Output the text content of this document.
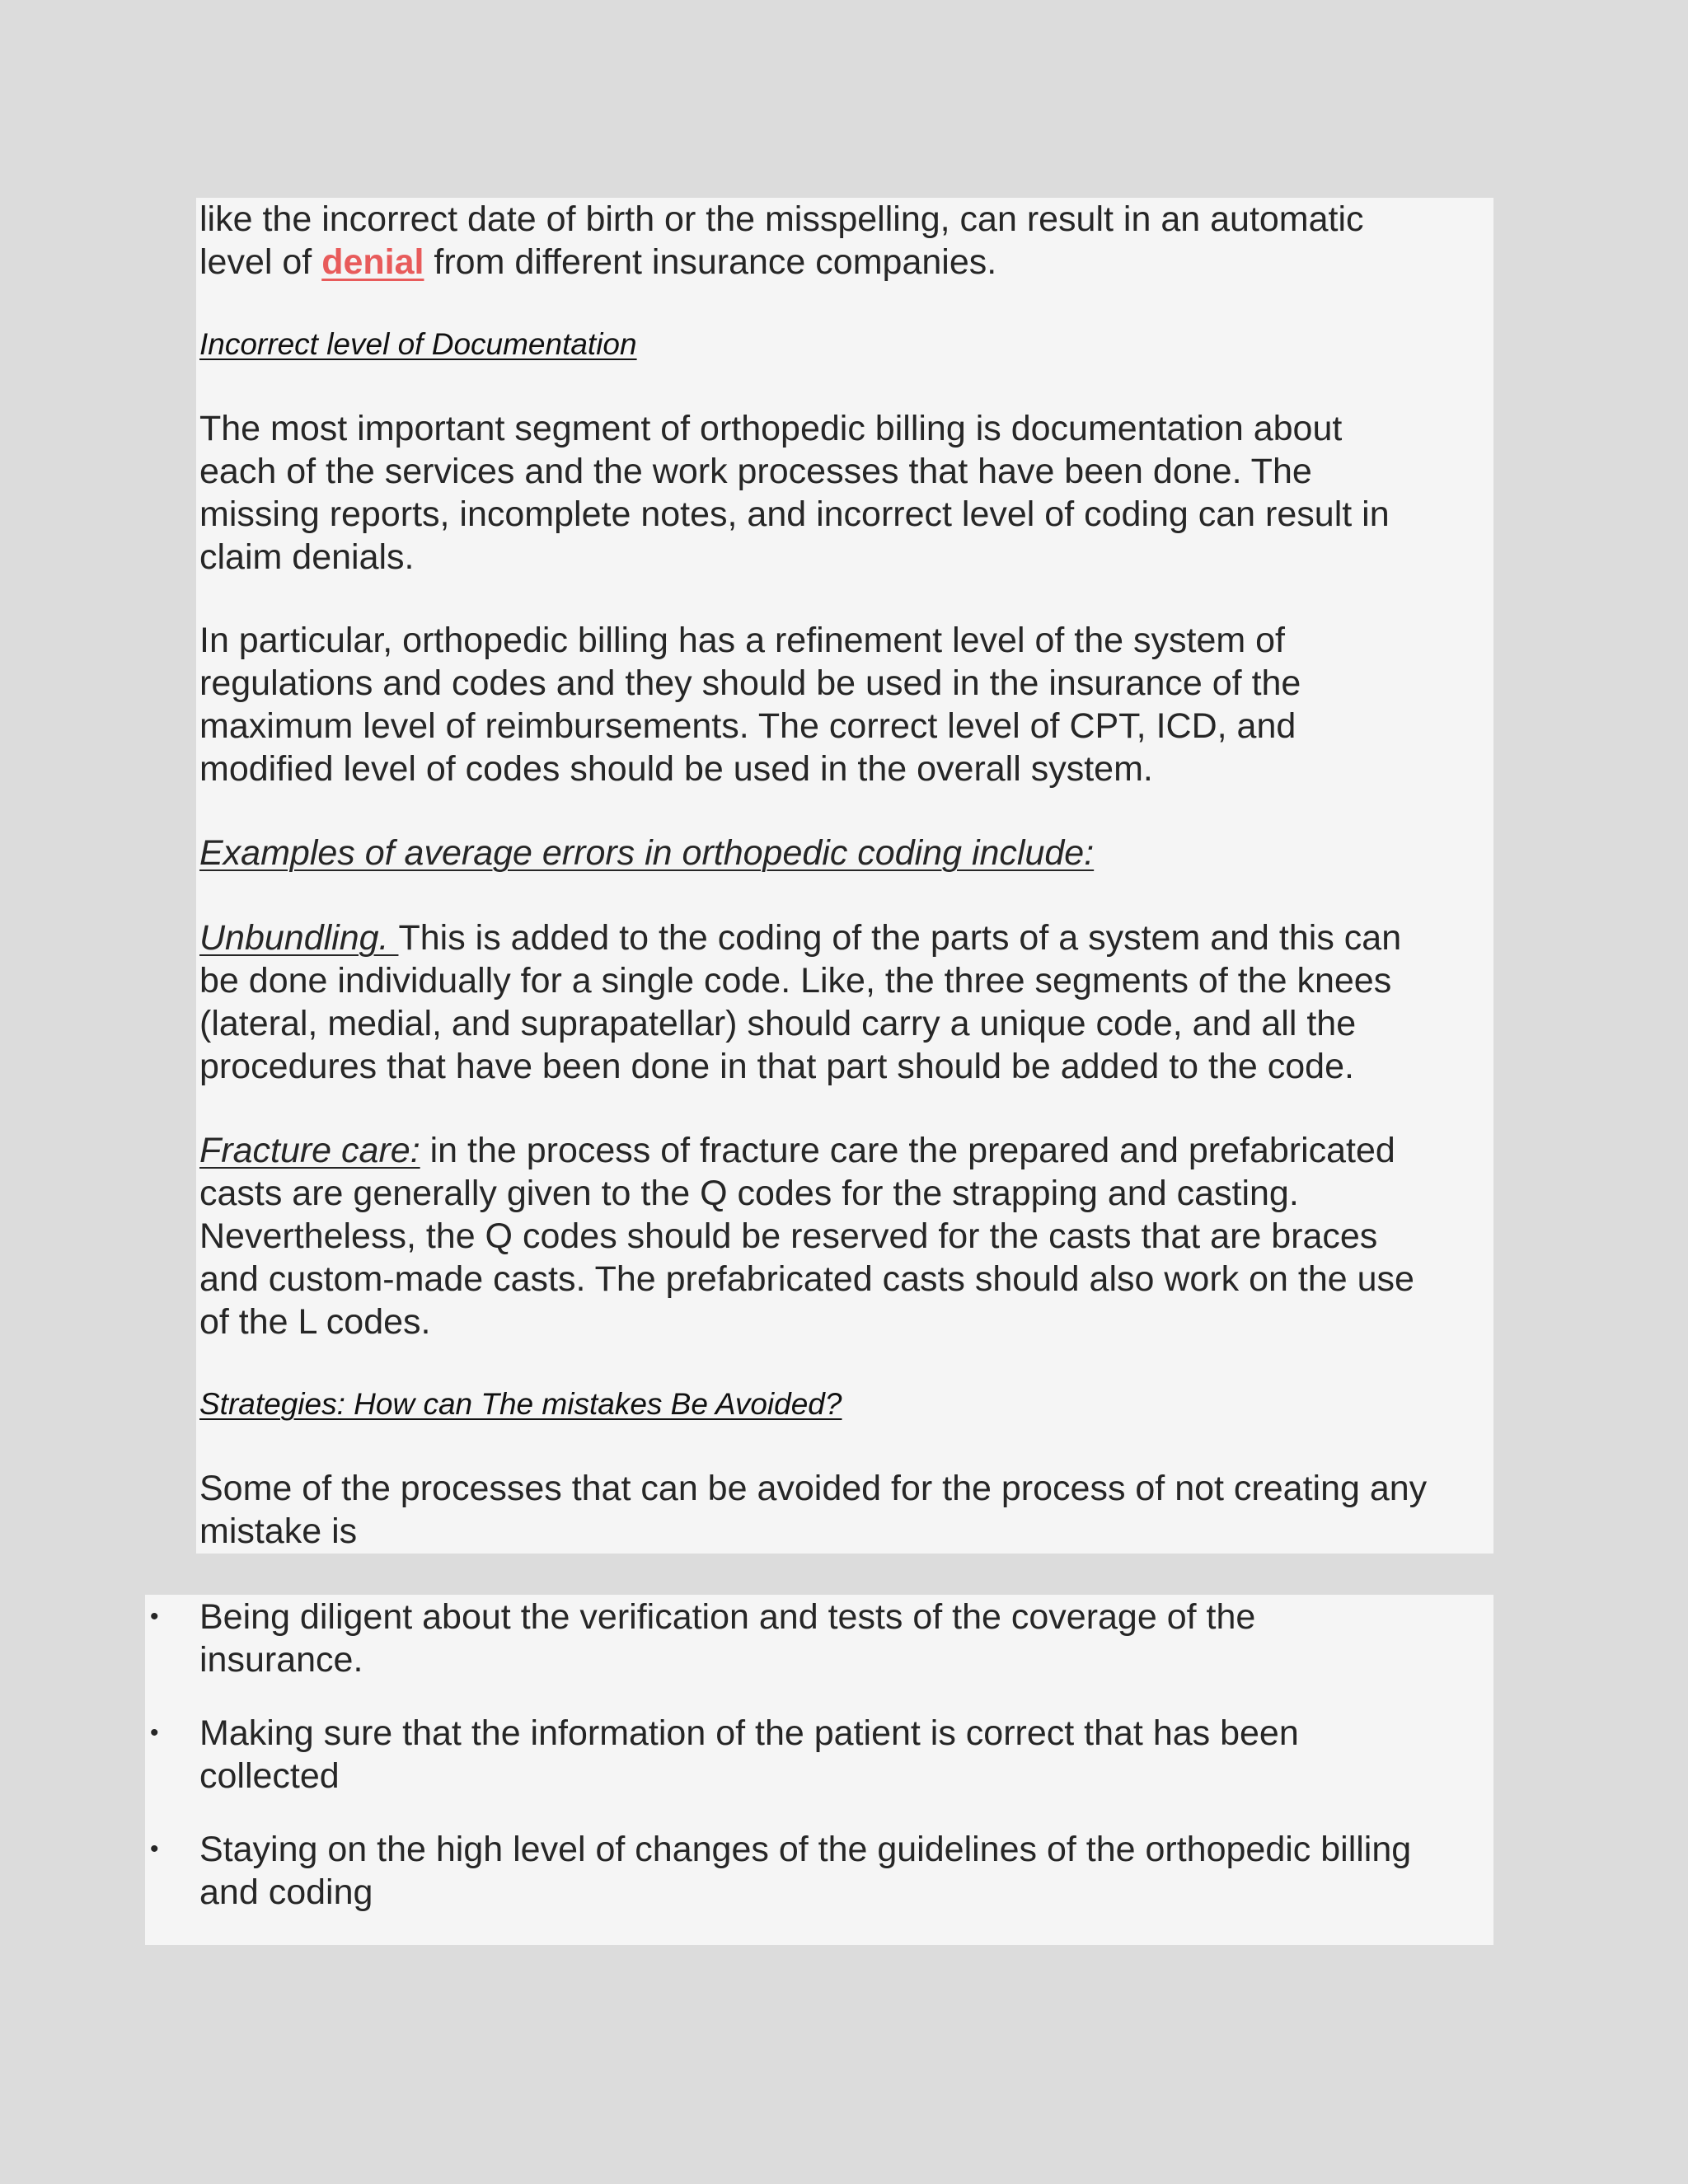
like the incorrect date of birth or the misspelling, can result in an automatic
level of denial from different insurance companies.

Incorrect level of Documentation

The most important segment of orthopedic billing is documentation about
each of the services and the work processes that have been done. The
missing reports, incomplete notes, and incorrect level of coding can result in
claim denials.

In particular, orthopedic billing has a refinement level of the system of
regulations and codes and they should be used in the insurance of the
maximum level of reimbursements. The correct level of CPT, ICD, and
modified level of codes should be used in the overall system.

Examples of average errors in orthopedic coding include:

Unbundling. This is added to the coding of the parts of a system and this can
be done individually for a single code. Like, the three segments of the knees
(lateral, medial, and suprapatellar) should carry a unique code, and all the
procedures that have been done in that part should be added to the code.

Fracture care: in the process of fracture care the prepared and prefabricated
casts are generally given to the Q codes for the strapping and casting.
Nevertheless, the Q codes should be reserved for the casts that are braces
and custom-made casts. The prefabricated casts should also work on the use
of the L codes.

Strategies: How can The mistakes Be Avoided?

Some of the processes that can be avoided for the process of not creating any
mistake is

• Being diligent about the verification and tests of the coverage of the
insurance.

• Making sure that the information of the patient is correct that has been
collected

• Staying on the high level of changes of the guidelines of the orthopedic billing
and coding
